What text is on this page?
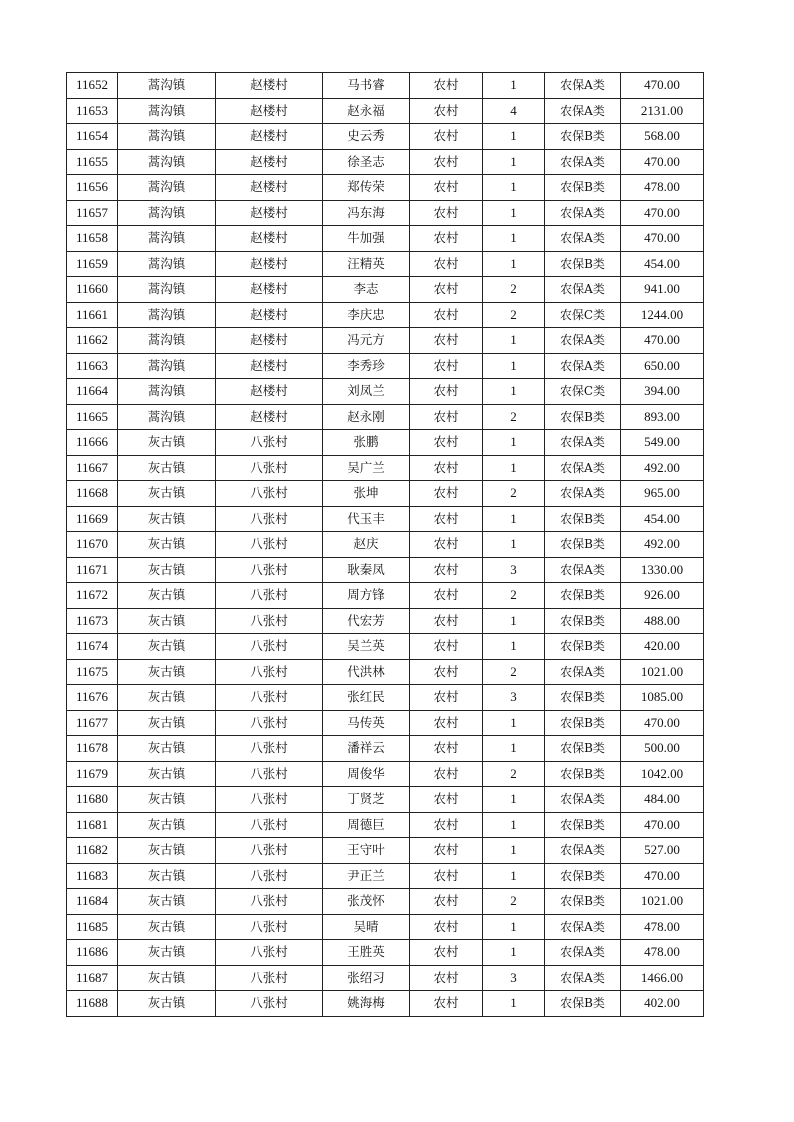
11652	蒿沟镇	赵楼村	马书睿	农村	1	农保A类	470.00
11653	蒿沟镇	赵楼村	赵永福	农村	4	农保A类	2131.00
11654	蒿沟镇	赵楼村	史云秀	农村	1	农保B类	568.00
11655	蒿沟镇	赵楼村	徐圣志	农村	1	农保A类	470.00
11656	蒿沟镇	赵楼村	郑传荣	农村	1	农保B类	478.00
11657	蒿沟镇	赵楼村	冯东海	农村	1	农保A类	470.00
11658	蒿沟镇	赵楼村	牛加强	农村	1	农保A类	470.00
11659	蒿沟镇	赵楼村	汪精英	农村	1	农保B类	454.00
11660	蒿沟镇	赵楼村	李志	农村	2	农保A类	941.00
11661	蒿沟镇	赵楼村	李庆忠	农村	2	农保C类	1244.00
11662	蒿沟镇	赵楼村	冯元方	农村	1	农保A类	470.00
11663	蒿沟镇	赵楼村	李秀珍	农村	1	农保A类	650.00
11664	蒿沟镇	赵楼村	刘凤兰	农村	1	农保C类	394.00
11665	蒿沟镇	赵楼村	赵永刚	农村	2	农保B类	893.00
11666	灰古镇	八张村	张鹏	农村	1	农保A类	549.00
11667	灰古镇	八张村	吴广兰	农村	1	农保A类	492.00
11668	灰古镇	八张村	张坤	农村	2	农保A类	965.00
11669	灰古镇	八张村	代玉丰	农村	1	农保B类	454.00
11670	灰古镇	八张村	赵庆	农村	1	农保B类	492.00
11671	灰古镇	八张村	耿秦凤	农村	3	农保A类	1330.00
11672	灰古镇	八张村	周方锋	农村	2	农保B类	926.00
11673	灰古镇	八张村	代宏芳	农村	1	农保B类	488.00
11674	灰古镇	八张村	吴兰英	农村	1	农保B类	420.00
11675	灰古镇	八张村	代洪林	农村	2	农保A类	1021.00
11676	灰古镇	八张村	张红民	农村	3	农保B类	1085.00
11677	灰古镇	八张村	马传英	农村	1	农保B类	470.00
11678	灰古镇	八张村	潘祥云	农村	1	农保B类	500.00
11679	灰古镇	八张村	周俊华	农村	2	农保B类	1042.00
11680	灰古镇	八张村	丁贤芝	农村	1	农保A类	484.00
11681	灰古镇	八张村	周德巨	农村	1	农保B类	470.00
11682	灰古镇	八张村	王守叶	农村	1	农保A类	527.00
11683	灰古镇	八张村	尹正兰	农村	1	农保B类	470.00
11684	灰古镇	八张村	张茂怀	农村	2	农保B类	1021.00
11685	灰古镇	八张村	吴晴	农村	1	农保A类	478.00
11686	灰古镇	八张村	王胜英	农村	1	农保A类	478.00
11687	灰古镇	八张村	张绍习	农村	3	农保A类	1466.00
11688	灰古镇	八张村	姚海梅	农村	1	农保B类	402.00
